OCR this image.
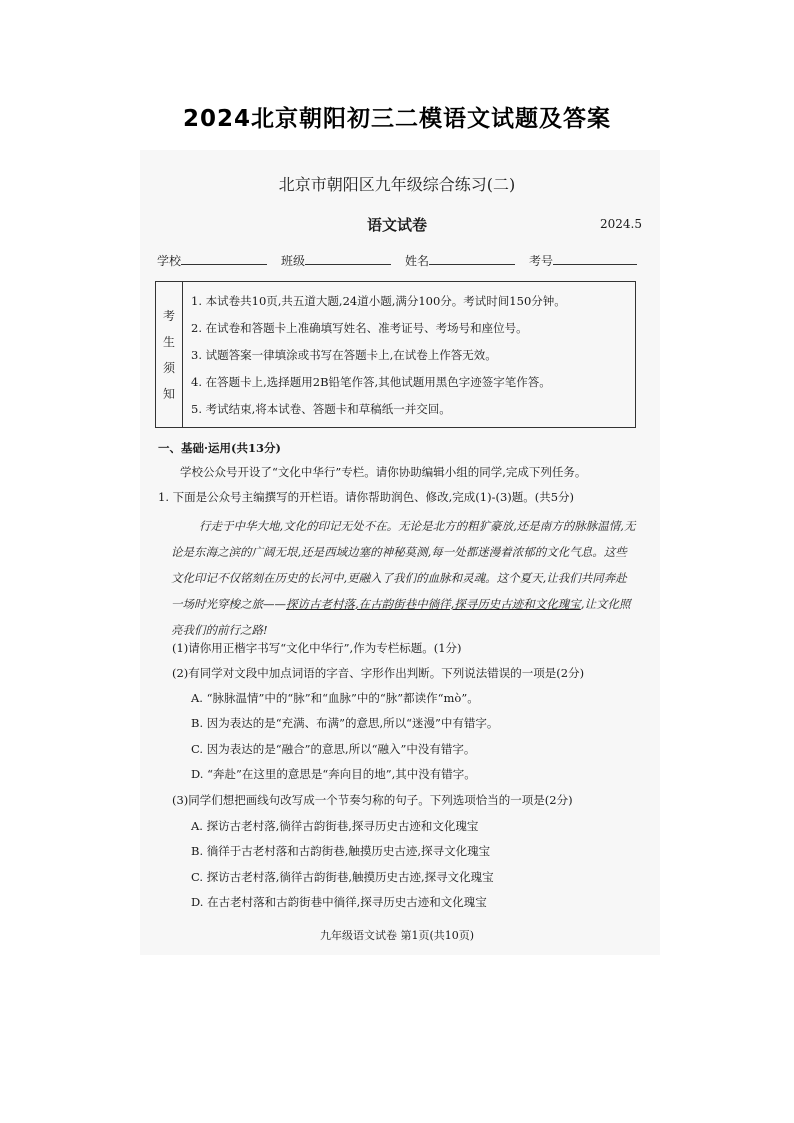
2024北京朝阳初三二模语文试题及答案
北京市朝阳区九年级综合练习(二)
语文试卷	2024.5
学校	班级	姓名	考号
考
生
须
知
1. 本试卷共10页,共五道大题,24道小题,满分100分。考试时间150分钟。
2. 在试卷和答题卡上准确填写姓名、准考证号、考场号和座位号。
3. 试题答案一律填涂或书写在答题卡上,在试卷上作答无效。
4. 在答题卡上,选择题用2B铅笔作答,其他试题用黑色字迹签字笔作答。
5. 考试结束,将本试卷、答题卡和草稿纸一并交回。
一、基础·运用(共13分)
学校公众号开设了“文化中华行”专栏。请你协助编辑小组的同学,完成下列任务。
1. 下面是公众号主编撰写的开栏语。请你帮助润色、修改,完成(1)-(3)题。(共5分)

行走于中华大地,文化的印记无处不在。无论是北方的粗犷豪放,还是南方的脉脉温情,无论是东海之滨的广阔无垠,还是西域边塞的神秘莫测,每一处都迷漫着浓郁的文化气息。这些文化印记不仅铭刻在历史的长河中,更融入了我们的血脉和灵魂。这个夏天,让我们共同奔赴一场时光穿梭之旅——探访古老村落,在古韵街巷中徜徉,探寻历史古迹和文化瑰宝,让文化照亮我们的前行之路!

(1)请你用正楷字书写“文化中华行”,作为专栏标题。(1分)
(2)有同学对文段中加点词语的字音、字形作出判断。下列说法错误的一项是(2分)
A. “脉脉温情”中的“脉”和“血脉”中的“脉”都读作“mò”。
B. 因为表达的是“充满、布满”的意思,所以“迷漫”中有错字。
C. 因为表达的是“融合”的意思,所以“融入”中没有错字。
D. “奔赴”在这里的意思是“奔向目的地”,其中没有错字。
(3)同学们想把画线句改写成一个节奏匀称的句子。下列选项恰当的一项是(2分)
A. 探访古老村落,徜徉古韵街巷,探寻历史古迹和文化瑰宝
B. 徜徉于古老村落和古韵街巷,触摸历史古迹,探寻文化瑰宝
C. 探访古老村落,徜徉古韵街巷,触摸历史古迹,探寻文化瑰宝
D. 在古老村落和古韵街巷中徜徉,探寻历史古迹和文化瑰宝
九年级语文试卷 第1页(共10页)
